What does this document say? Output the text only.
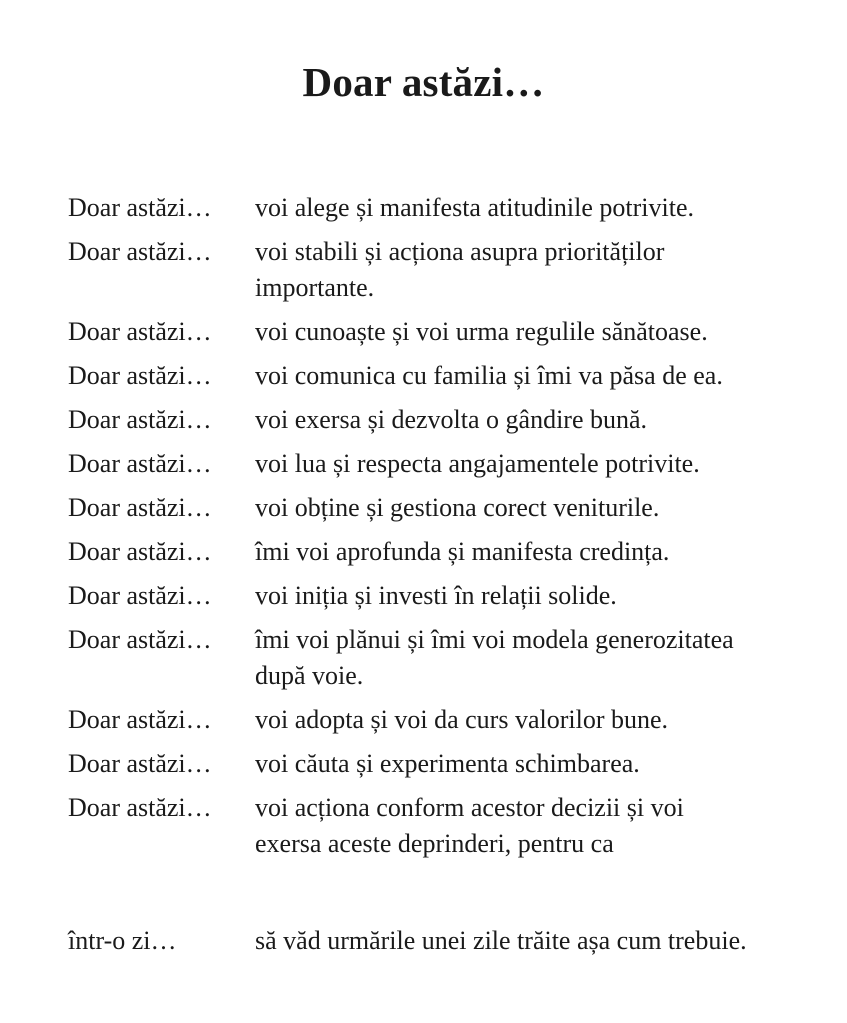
Doar astăzi…
Doar astăzi…	voi alege și manifesta atitudinile potrivite.
Doar astăzi…	voi stabili și acționa asupra priorităților
importante.
Doar astăzi…	voi cunoaște și voi urma regulile sănătoase.
Doar astăzi…	voi comunica cu familia și îmi va păsa de ea.
Doar astăzi…	voi exersa și dezvolta o gândire bună.
Doar astăzi…	voi lua și respecta angajamentele potrivite.
Doar astăzi…	voi obține și gestiona corect veniturile.
Doar astăzi…	îmi voi aprofunda și manifesta credința.
Doar astăzi…	voi iniția și investi în relații solide.
Doar astăzi…	îmi voi plănui și îmi voi modela generozitatea
după voie.
Doar astăzi…	voi adopta și voi da curs valorilor bune.
Doar astăzi…	voi căuta și experimenta schimbarea.
Doar astăzi…	voi acționa conform acestor decizii și voi
exersa aceste deprinderi, pentru ca
într-o zi…	să văd urmările unei zile trăite așa cum trebuie.
